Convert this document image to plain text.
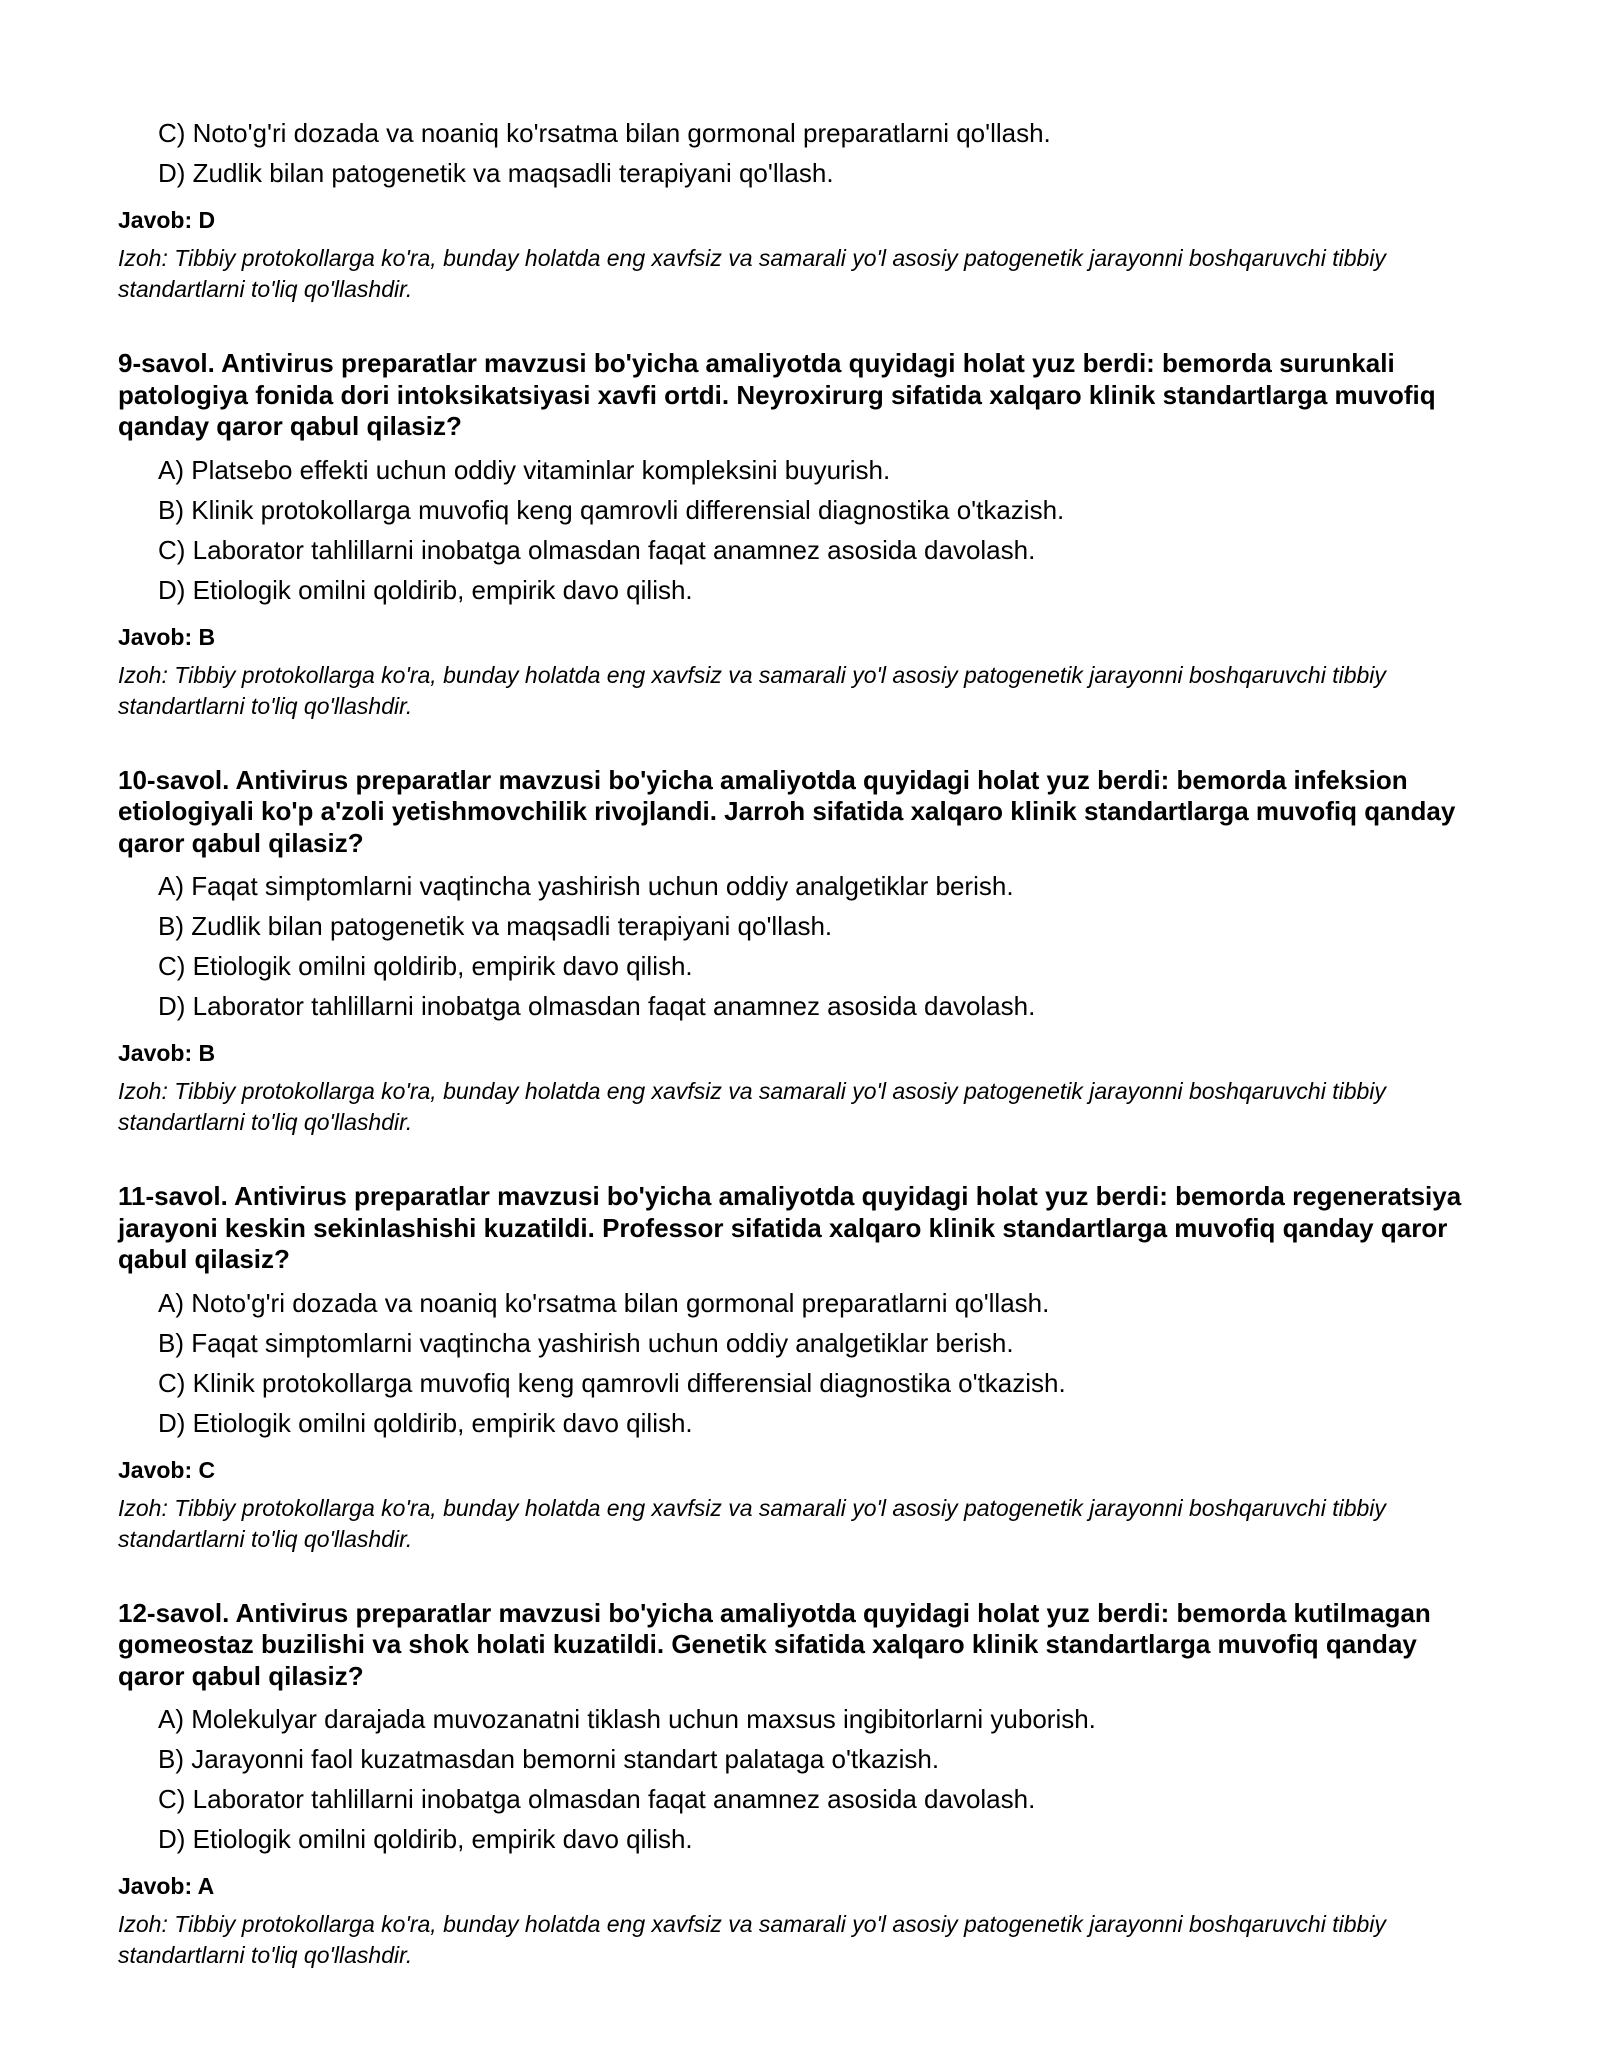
C) Noto'g'ri dozada va noaniq ko'rsatma bilan gormonal preparatlarni qo'llash.
D) Zudlik bilan patogenetik va maqsadli terapiyani qo'llash.
Javob: D
Izoh: Tibbiy protokollarga ko'ra, bunday holatda eng xavfsiz va samarali yo'l asosiy patogenetik jarayonni boshqaruvchi tibbiy standartlarni to'liq qo'llashdir.
9-savol. Antivirus preparatlar mavzusi bo'yicha amaliyotda quyidagi holat yuz berdi: bemorda surunkali patologiya fonida dori intoksikatsiyasi xavfi ortdi. Neyroxirurg sifatida xalqaro klinik standartlarga muvofiq qanday qaror qabul qilasiz?
A) Platsebo effekti uchun oddiy vitaminlar kompleksini buyurish.
B) Klinik protokollarga muvofiq keng qamrovli differensial diagnostika o'tkazish.
C) Laborator tahlillarni inobatga olmasdan faqat anamnez asosida davolash.
D) Etiologik omilni qoldirib, empirik davo qilish.
Javob: B
Izoh: Tibbiy protokollarga ko'ra, bunday holatda eng xavfsiz va samarali yo'l asosiy patogenetik jarayonni boshqaruvchi tibbiy standartlarni to'liq qo'llashdir.
10-savol. Antivirus preparatlar mavzusi bo'yicha amaliyotda quyidagi holat yuz berdi: bemorda infeksion etiologiyali ko'p a'zoli yetishmovchilik rivojlandi. Jarroh sifatida xalqaro klinik standartlarga muvofiq qanday qaror qabul qilasiz?
A) Faqat simptomlarni vaqtincha yashirish uchun oddiy analgetiklar berish.
B) Zudlik bilan patogenetik va maqsadli terapiyani qo'llash.
C) Etiologik omilni qoldirib, empirik davo qilish.
D) Laborator tahlillarni inobatga olmasdan faqat anamnez asosida davolash.
Javob: B
Izoh: Tibbiy protokollarga ko'ra, bunday holatda eng xavfsiz va samarali yo'l asosiy patogenetik jarayonni boshqaruvchi tibbiy standartlarni to'liq qo'llashdir.
11-savol. Antivirus preparatlar mavzusi bo'yicha amaliyotda quyidagi holat yuz berdi: bemorda regeneratsiya jarayoni keskin sekinlashishi kuzatildi. Professor sifatida xalqaro klinik standartlarga muvofiq qanday qaror qabul qilasiz?
A) Noto'g'ri dozada va noaniq ko'rsatma bilan gormonal preparatlarni qo'llash.
B) Faqat simptomlarni vaqtincha yashirish uchun oddiy analgetiklar berish.
C) Klinik protokollarga muvofiq keng qamrovli differensial diagnostika o'tkazish.
D) Etiologik omilni qoldirib, empirik davo qilish.
Javob: C
Izoh: Tibbiy protokollarga ko'ra, bunday holatda eng xavfsiz va samarali yo'l asosiy patogenetik jarayonni boshqaruvchi tibbiy standartlarni to'liq qo'llashdir.
12-savol. Antivirus preparatlar mavzusi bo'yicha amaliyotda quyidagi holat yuz berdi: bemorda kutilmagan gomeostaz buzilishi va shok holati kuzatildi. Genetik sifatida xalqaro klinik standartlarga muvofiq qanday qaror qabul qilasiz?
A) Molekulyar darajada muvozanatni tiklash uchun maxsus ingibitorlarni yuborish.
B) Jarayonni faol kuzatmasdan bemorni standart palataga o'tkazish.
C) Laborator tahlillarni inobatga olmasdan faqat anamnez asosida davolash.
D) Etiologik omilni qoldirib, empirik davo qilish.
Javob: A
Izoh: Tibbiy protokollarga ko'ra, bunday holatda eng xavfsiz va samarali yo'l asosiy patogenetik jarayonni boshqaruvchi tibbiy standartlarni to'liq qo'llashdir.
